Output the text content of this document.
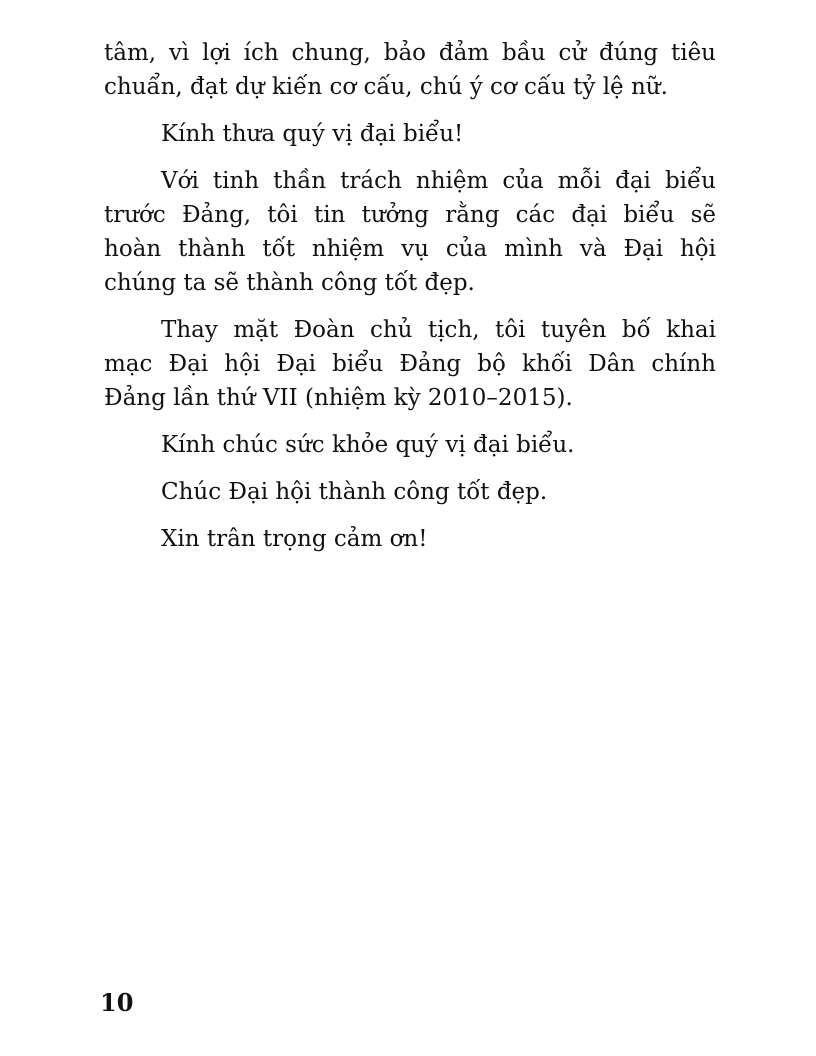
tâm, vì lợi ích chung, bảo đảm bầu cử đúng tiêu
chuẩn, đạt dự kiến cơ cấu, chú ý cơ cấu tỷ lệ nữ.
Kính thưa quý vị đại biểu!
Với tinh thần trách nhiệm của mỗi đại biểu
trước Đảng, tôi tin tưởng rằng các đại biểu sẽ
hoàn thành tốt nhiệm vụ của mình và Đại hội
chúng ta sẽ thành công tốt đẹp.
Thay mặt Đoàn chủ tịch, tôi tuyên bố khai
mạc Đại hội Đại biểu Đảng bộ khối Dân chính
Đảng lần thứ VII (nhiệm kỳ 2010–2015).
Kính chúc sức khỏe quý vị đại biểu.
Chúc Đại hội thành công tốt đẹp.
Xin trân trọng cảm ơn!
10
